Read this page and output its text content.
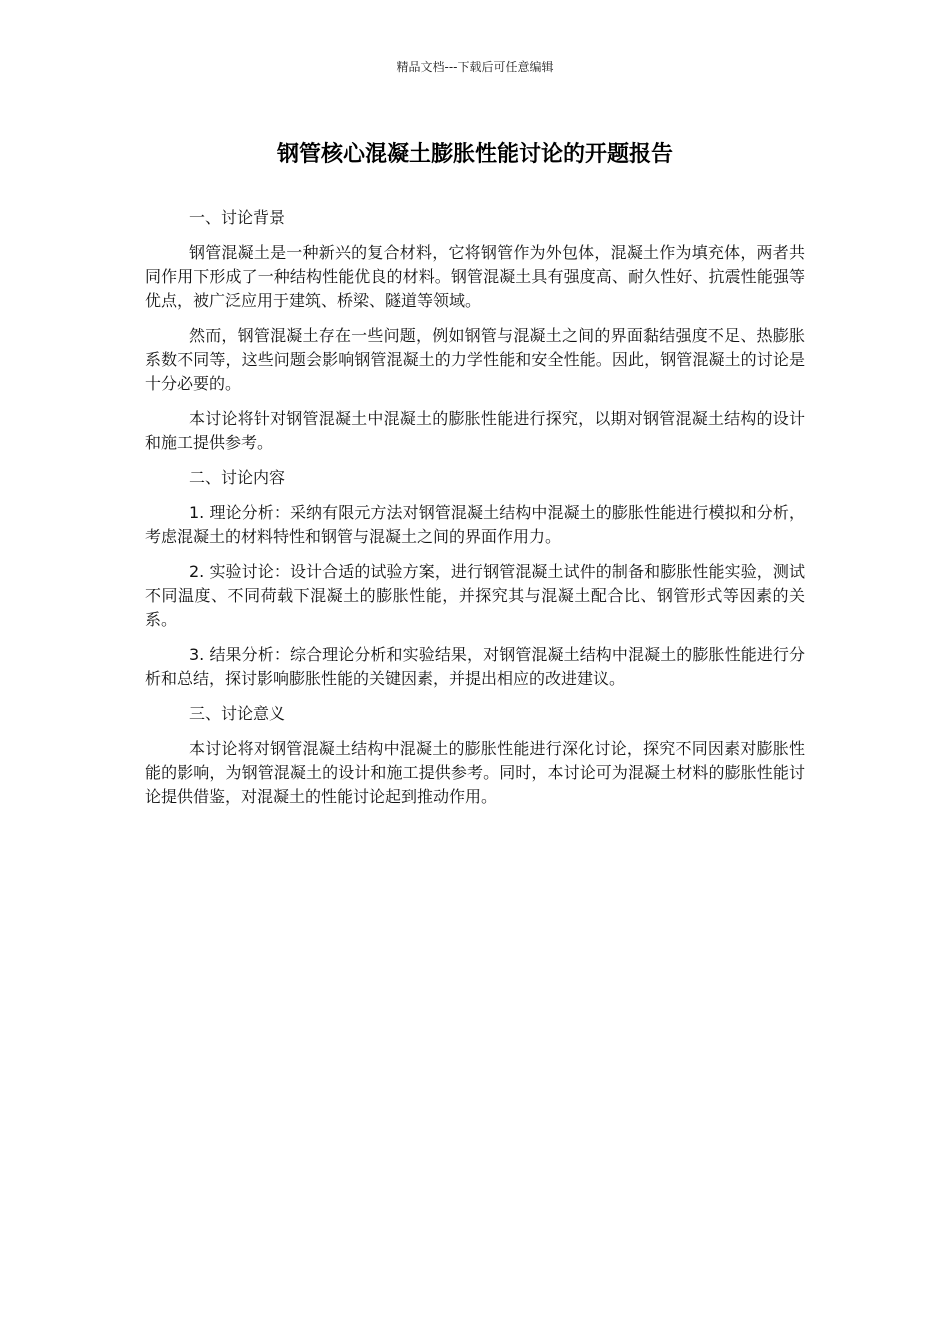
精品文档---下载后可任意编辑
钢管核心混凝土膨胀性能讨论的开题报告

一、讨论背景

钢管混凝土是一种新兴的复合材料，它将钢管作为外包体，混凝土作为填充体，两者共同作用下形成了一种结构性能优良的材料。钢管混凝土具有强度高、耐久性好、抗震性能强等优点，被广泛应用于建筑、桥梁、隧道等领域。

然而，钢管混凝土存在一些问题，例如钢管与混凝土之间的界面黏结强度不足、热膨胀系数不同等，这些问题会影响钢管混凝土的力学性能和安全性能。因此，钢管混凝土的讨论是十分必要的。

本讨论将针对钢管混凝土中混凝土的膨胀性能进行探究，以期对钢管混凝土结构的设计和施工提供参考。

二、讨论内容

1. 理论分析：采纳有限元方法对钢管混凝土结构中混凝土的膨胀性能进行模拟和分析，考虑混凝土的材料特性和钢管与混凝土之间的界面作用力。

2. 实验讨论：设计合适的试验方案，进行钢管混凝土试件的制备和膨胀性能实验，测试不同温度、不同荷载下混凝土的膨胀性能，并探究其与混凝土配合比、钢管形式等因素的关系。

3. 结果分析：综合理论分析和实验结果，对钢管混凝土结构中混凝土的膨胀性能进行分析和总结，探讨影响膨胀性能的关键因素，并提出相应的改进建议。

三、讨论意义

本讨论将对钢管混凝土结构中混凝土的膨胀性能进行深化讨论，探究不同因素对膨胀性能的影响，为钢管混凝土的设计和施工提供参考。同时，本讨论可为混凝土材料的膨胀性能讨论提供借鉴，对混凝土的性能讨论起到推动作用。
